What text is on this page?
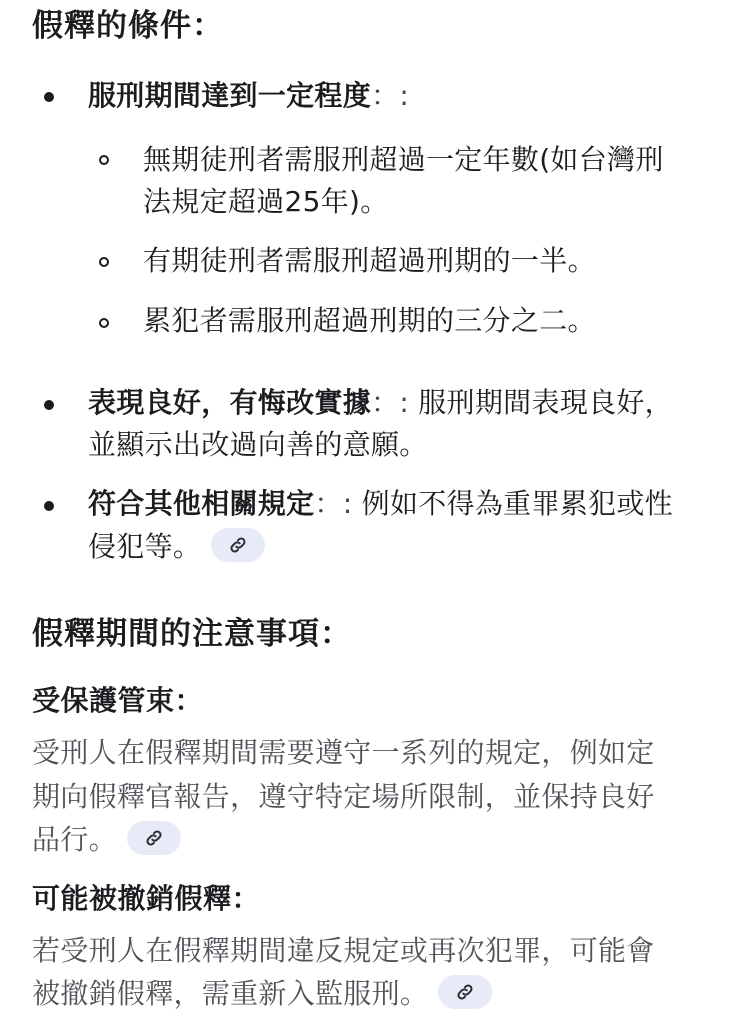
假釋的條件：
服刑期間達到一定程度：:
無期徒刑者需服刑超過一定年數(如台灣刑
法規定超過25年)。
有期徒刑者需服刑超過刑期的一半。
累犯者需服刑超過刑期的三分之二。
表現良好，有悔改實據：: 服刑期間表現良好，
並顯示出改過向善的意願。
符合其他相關規定：: 例如不得為重罪累犯或性
侵犯等。
假釋期間的注意事項：
受保護管束：
受刑人在假釋期間需要遵守一系列的規定，例如定
期向假釋官報告，遵守特定場所限制，並保持良好
品行。
可能被撤銷假釋：
若受刑人在假釋期間違反規定或再次犯罪，可能會
被撤銷假釋，需重新入監服刑。
